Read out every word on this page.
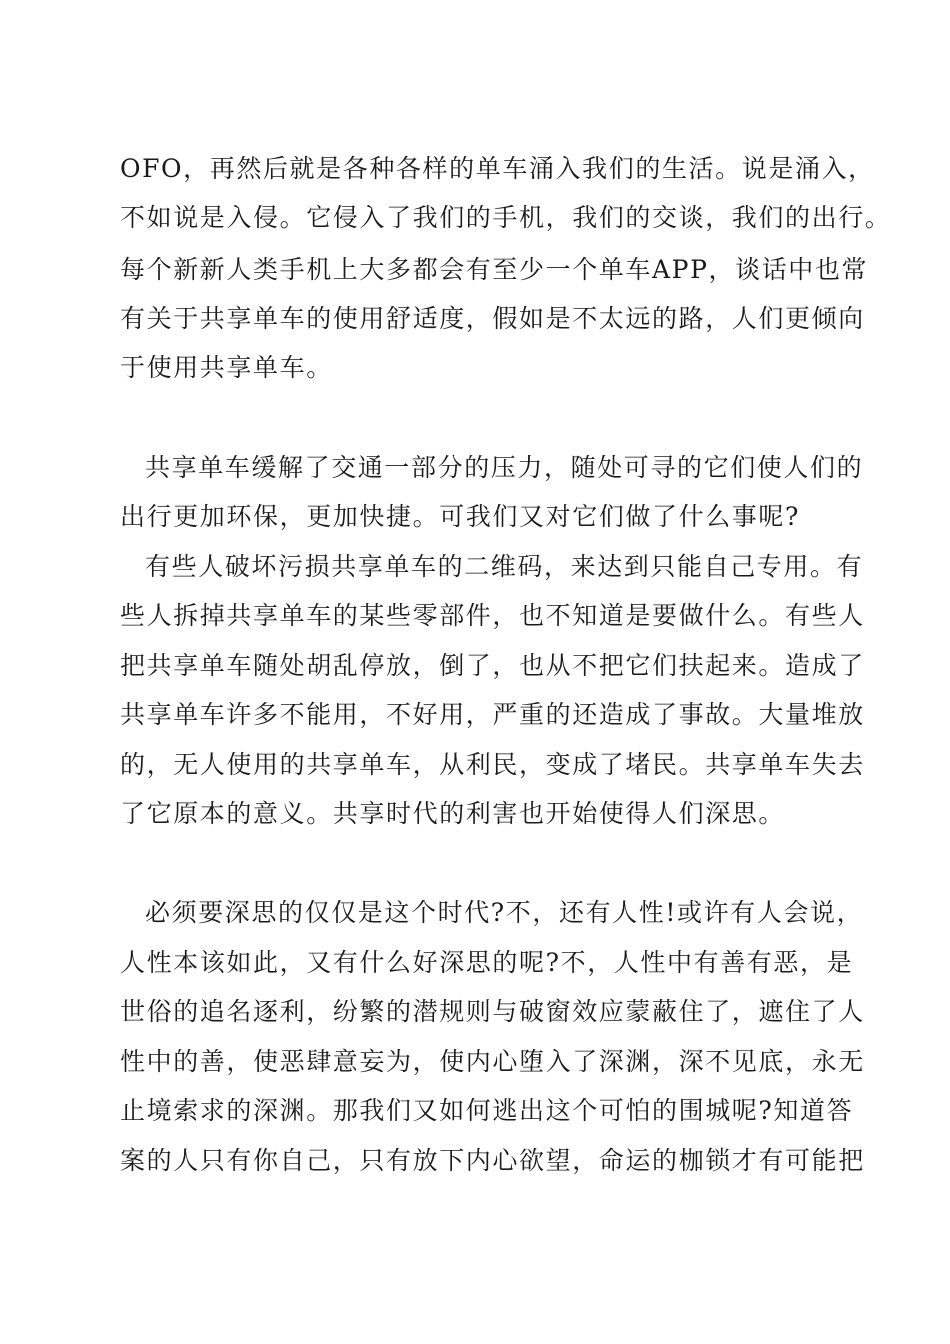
OFO，再然后就是各种各样的单车涌入我们的生活。说是涌入，

不如说是入侵。它侵入了我们的手机，我们的交谈，我们的出行。

每个新新人类手机上大多都会有至少一个单车APP，谈话中也常

有关于共享单车的使用舒适度，假如是不太远的路，人们更倾向

于使用共享单车。

共享单车缓解了交通一部分的压力，随处可寻的它们使人们的

出行更加环保，更加快捷。可我们又对它们做了什么事呢?

有些人破坏污损共享单车的二维码，来达到只能自己专用。有

些人拆掉共享单车的某些零部件，也不知道是要做什么。有些人

把共享单车随处胡乱停放，倒了，也从不把它们扶起来。造成了

共享单车许多不能用，不好用，严重的还造成了事故。大量堆放

的，无人使用的共享单车，从利民，变成了堵民。共享单车失去

了它原本的意义。共享时代的利害也开始使得人们深思。

必须要深思的仅仅是这个时代?不，还有人性!或许有人会说，

人性本该如此，又有什么好深思的呢?不，人性中有善有恶，是

世俗的追名逐利，纷繁的潜规则与破窗效应蒙蔽住了，遮住了人

性中的善，使恶肆意妄为，使内心堕入了深渊，深不见底，永无

止境索求的深渊。那我们又如何逃出这个可怕的围城呢?知道答

案的人只有你自己，只有放下内心欲望，命运的枷锁才有可能把
